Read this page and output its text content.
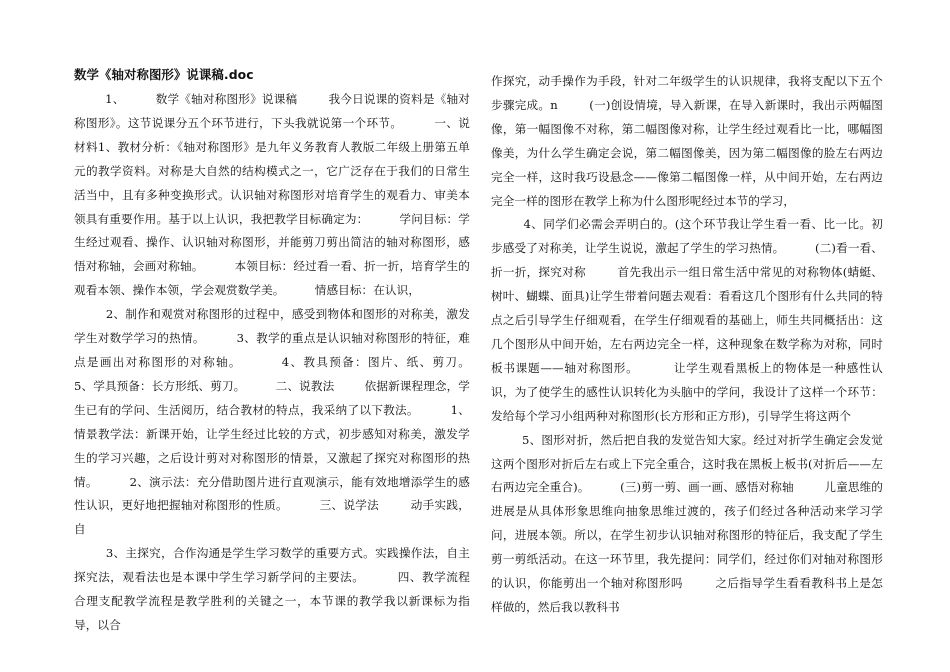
数学《轴对称图形》说课稿.doc
1、        数学《轴对称图形》说课稿        我今日说课的资料是《轴对称图形》。这节说课分五个环节进行，下头我就说第一个环节。        一、说材料1、教材分析：《轴对称图形》是九年义务教育人教版二年级上册第五单元的教学资料。对称是大自然的结构模式之一，它广泛存在于我们的日常生活当中，且有多种变换形式。认识轴对称图形对培育学生的观看力、审美本领具有重要作用。基于以上认识，我把教学目标确定为：        学问目标：学生经过观看、操作、认识轴对称图形，并能剪刀剪出简洁的轴对称图形，感悟对称轴，会画对称轴。        本领目标：经过看一看、折一折，培育学生的观看本领、操作本领，学会观赏数学美。        情感目标：在认识，
2、制作和观赏对称图形的过程中，感受到物体和图形的对称美，激发学生对数学学习的热情。        3、教学的重点是认识轴对称图形的特征，难点是画出对称图形的对称轴。        4、教具预备：图片、纸、剪刀。        5、学具预备：长方形纸、剪刀。        二、说教法        依据新课程理念，学生已有的学问、生活阅历，结合教材的特点，我采纳了以下教法。        1、情景教学法：新课开始，让学生经过比较的方式，初步感知对称美，激发学生的学习兴趣，之后设计剪对对称图形的情景，又激起了探究对称图形的热情。        2、演示法：充分借助图片进行直观演示，能有效地增添学生的感性认识，更好地把握轴对称图形的性质。        三、说学法        动手实践，自
3、主探究，合作沟通是学生学习数学的重要方式。实践操作法，自主探究法，观看法也是本课中学生学习新学问的主要法。        四、教学流程        合理支配教学流程是教学胜利的关键之一，本节课的教学我以新课标为指导，以合
作探究，动手操作为手段，针对二年级学生的认识规律，我将支配以下五个步骤完成。n        (一)创设情境，导入新课，在导入新课时，我出示两幅图像，第一幅图像不对称，第二幅图像对称，让学生经过观看比一比，哪幅图像美，为什么学生确定会说，第二幅图像美，因为第二幅图像的脸左右两边完全一样，这时我巧设悬念——像第二幅图像一样，从中间开始，左右两边完全一样的图形在教学上称为什么图形呢经过本节的学习，
4、同学们必需会弄明白的。(这个环节我让学生看一看、比一比。初步感受了对称美，让学生说说，激起了学生的学习热情。        (二)看一看、折一折，探究对称        首先我出示一组日常生活中常见的对称物体(蜻蜓、树叶、蝴蝶、面具)让学生带着问题去观看：看看这几个图形有什么共同的特点之后引导学生仔细观看，在学生仔细观看的基础上，师生共同概括出：这几个图形从中间开始，左右两边完全一样，这种现象在数学称为对称，同时板书课题——轴对称图形。        让学生观看黑板上的物体是一种感性认识，为了使学生的感性认识转化为头脑中的学问，我设计了这样一个环节：发给每个学习小组两种对称图形(长方形和正方形)，引导学生将这两个
5、图形对折，然后把自我的发觉告知大家。经过对折学生确定会发觉这两个图形对折后左右或上下完全重合，这时我在黑板上板书(对折后——左右两边完全重合)。        (三)剪一剪、画一画、感悟对称轴        儿童思维的进展是从具体形象思维向抽象思维过渡的，孩子们经过各种活动来学习学问，进展本领。所以，在学生初步认识轴对称图形的特征后，我支配了学生剪一剪纸活动。在这一环节里，我先提问：同学们，经过你们对轴对称图形的认识，你能剪出一个轴对称图形吗        之后指导学生看看教科书上是怎样做的，然后我以教科书
